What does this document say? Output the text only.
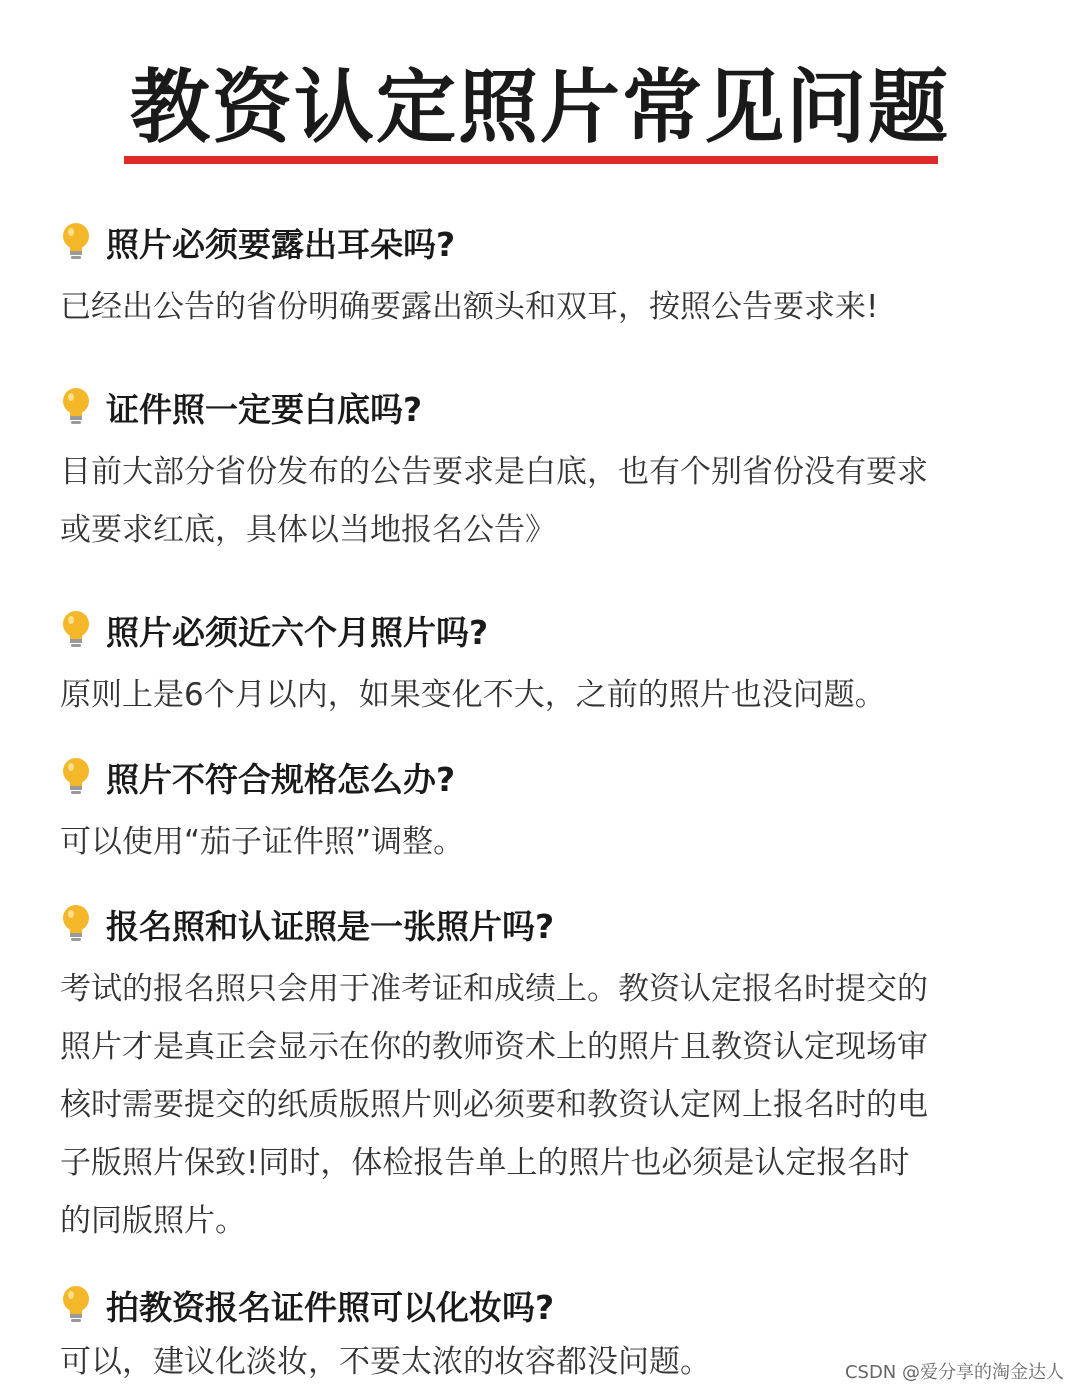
教资认定照片常见问题
照片必须要露出耳朵吗?
已经出公告的省份明确要露出额头和双耳，按照公告要求来!
证件照一定要白底吗?
目前大部分省份发布的公告要求是白底，也有个别省份没有要求
或要求红底，具体以当地报名公告》
照片必须近六个月照片吗?
原则上是6个月以内，如果变化不大，之前的照片也没问题。
照片不符合规格怎么办?
可以使用“茄子证件照”调整。
报名照和认证照是一张照片吗?
考试的报名照只会用于准考证和成绩上。教资认定报名时提交的
照片才是真正会显示在你的教师资术上的照片且教资认定现场审
核时需要提交的纸质版照片则必须要和教资认定网上报名时的电
子版照片保致!同时，体检报告单上的照片也必须是认定报名时
的同版照片。
拍教资报名证件照可以化妆吗?
可以，建议化淡妆，不要太浓的妆容都没问题。	CSDN @爱分享的淘金达人
